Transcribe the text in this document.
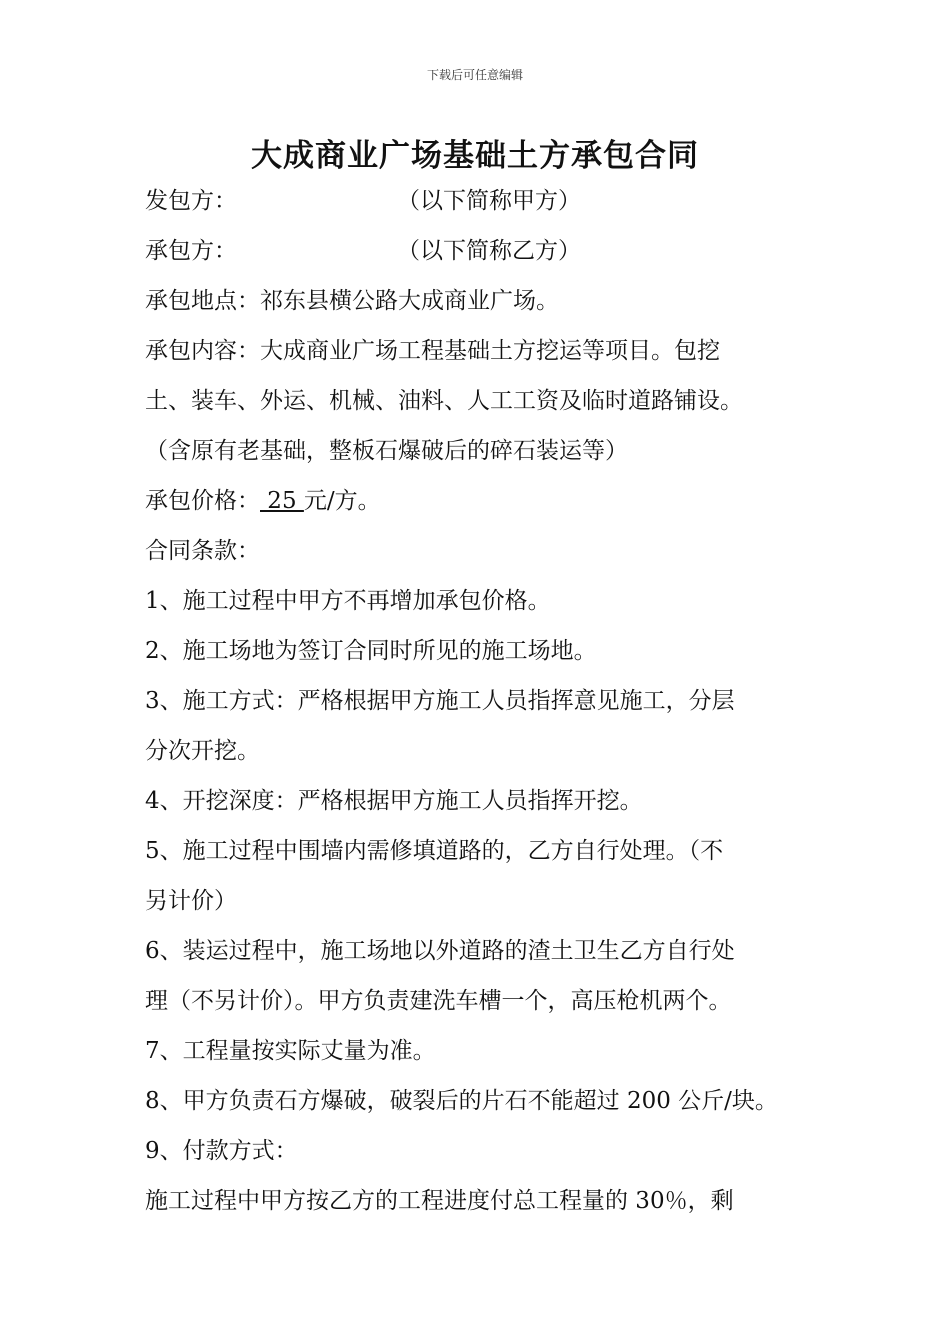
下载后可任意编辑
大成商业广场基础土方承包合同
发包方：	（以下简称甲方）
承包方：	（以下简称乙方）
承包地点：祁东县横公路大成商业广场。
承包内容：大成商业广场工程基础土方挖运等项目。包挖
土、装车、外运、机械、油料、人工工资及临时道路铺设。
（含原有老基础，整板石爆破后的碎石装运等）
承包价格： 25 元/方。
合同条款：
1、施工过程中甲方不再增加承包价格。
2、施工场地为签订合同时所见的施工场地。
3、施工方式：严格根据甲方施工人员指挥意见施工，分层
分次开挖。
4、开挖深度：严格根据甲方施工人员指挥开挖。
5、施工过程中围墙内需修填道路的，乙方自行处理。（不
另计价）
6、装运过程中，施工场地以外道路的渣土卫生乙方自行处
理（不另计价）。甲方负责建洗车槽一个，高压枪机两个。
7、工程量按实际丈量为准。
8、甲方负责石方爆破，破裂后的片石不能超过 200 公斤/块。
9、付款方式：
施工过程中甲方按乙方的工程进度付总工程量的 30％，剩
